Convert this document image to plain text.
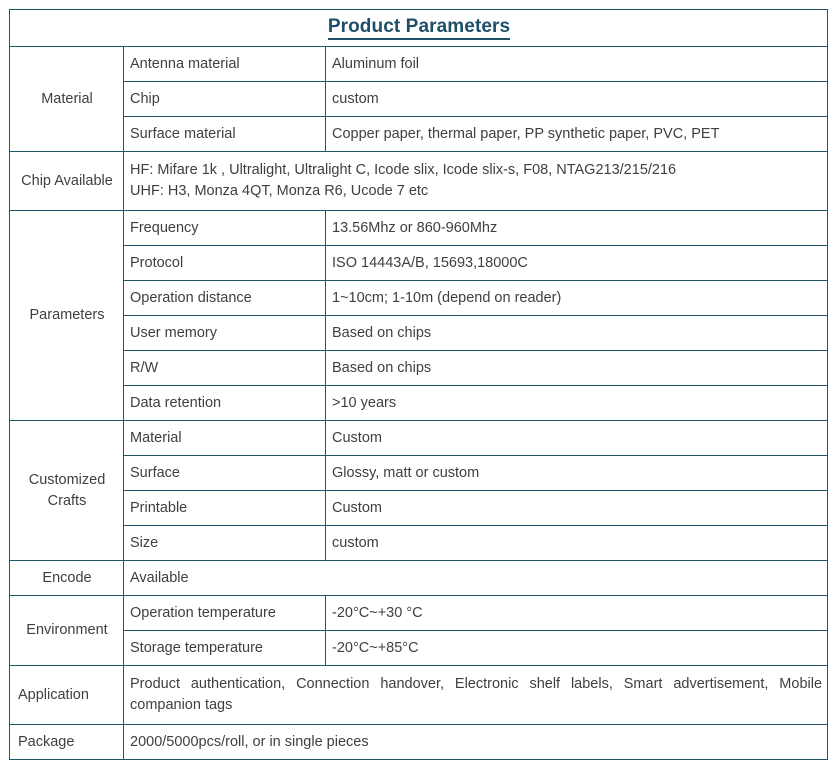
Product Parameters		
Material	Antenna material	Aluminum foil
	Chip	custom
	Surface material	Copper paper, thermal paper, PP synthetic paper, PVC, PET
Chip Available	HF: Mifare 1k , Ultralight, Ultralight C, Icode slix, Icode slix-s, F08, NTAG213/215/216
UHF: H3, Monza 4QT, Monza R6, Ucode 7 etc	

Parameters	Frequency	13.56Mhz or 860-960Mhz
	Protocol	ISO 14443A/B, 15693,18000C
	Operation distance	1~10cm; 1-10m (depend on reader)
	User memory	Based on chips
	R/W	Based on chips
	Data retention	>10 years
Customized Crafts	Material	Custom
	Surface	Glossy, matt or custom
	Printable	Custom
	Size	custom
Encode	Available	
Environment	Operation temperature	-20°C~+30 °C
	Storage temperature	-20°C~+85°C
Application	Product authentication, Connection handover, Electronic shelf labels, Smart advertisement, Mobile companion tags	
Package	2000/5000pcs/roll, or in single pieces	
